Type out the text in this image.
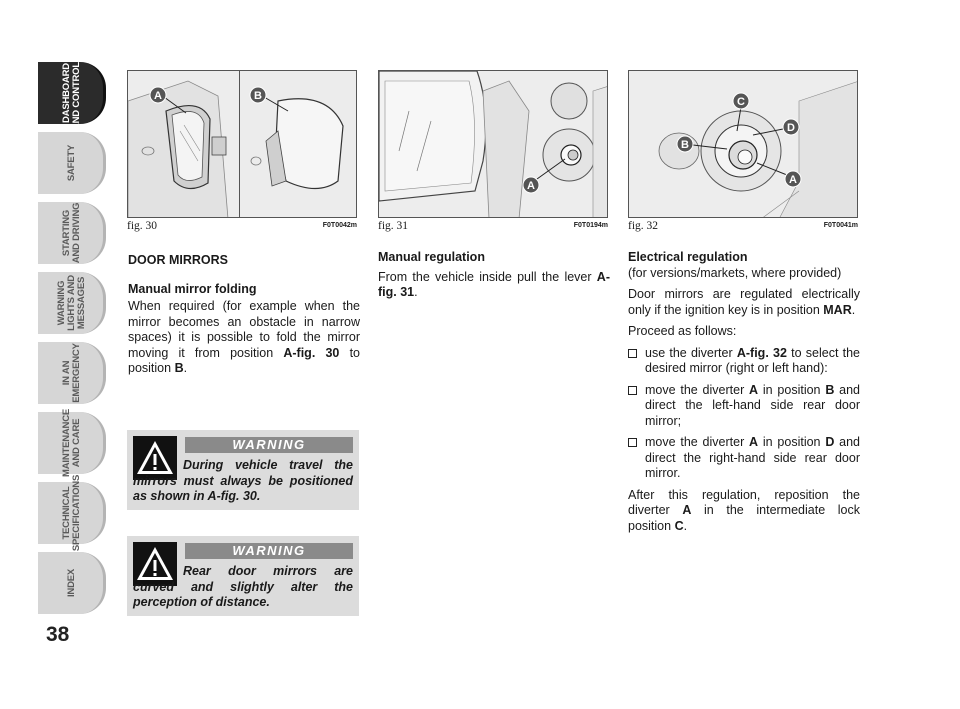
DASHBOARD
AND CONTROLS
SAFETY
STARTING
AND DRIVING
WARNING
LIGHTS AND
MESSAGES
IN AN
EMERGENCY
MAINTENANCE
AND CARE
TECHNICAL
SPECIFICATIONS
INDEX
38
A	B
fig. 30	F0T0042m
A
fig. 31	F0T0194m
C
D
B
A
fig. 32	F0T0041m
DOOR MIRRORS
Manual mirror folding

When required (for example when the mirror becomes an obstacle in narrow spaces) it is possible to fold the mirror moving it from position A-fig. 30 to position B.

WARNING
During vehicle travel the mirrors must always be positioned as shown in A-fig. 30.
WARNING
Rear door mirrors are curved and slightly alter the perception of distance.
Manual regulation

From the vehicle inside pull the lever A-fig. 31.

Electrical regulation

(for versions/markets, where provided)

Door mirrors are regulated electrically only if the ignition key is in position MAR.

Proceed as follows:

use the diverter A-fig. 32 to select the desired mirror (right or left hand):
move the diverter A in position B and direct the left-hand side rear door mirror;
move the diverter A in position D and direct the right-hand side rear door mirror.

After this regulation, reposition the diverter A in the intermediate lock position C.
